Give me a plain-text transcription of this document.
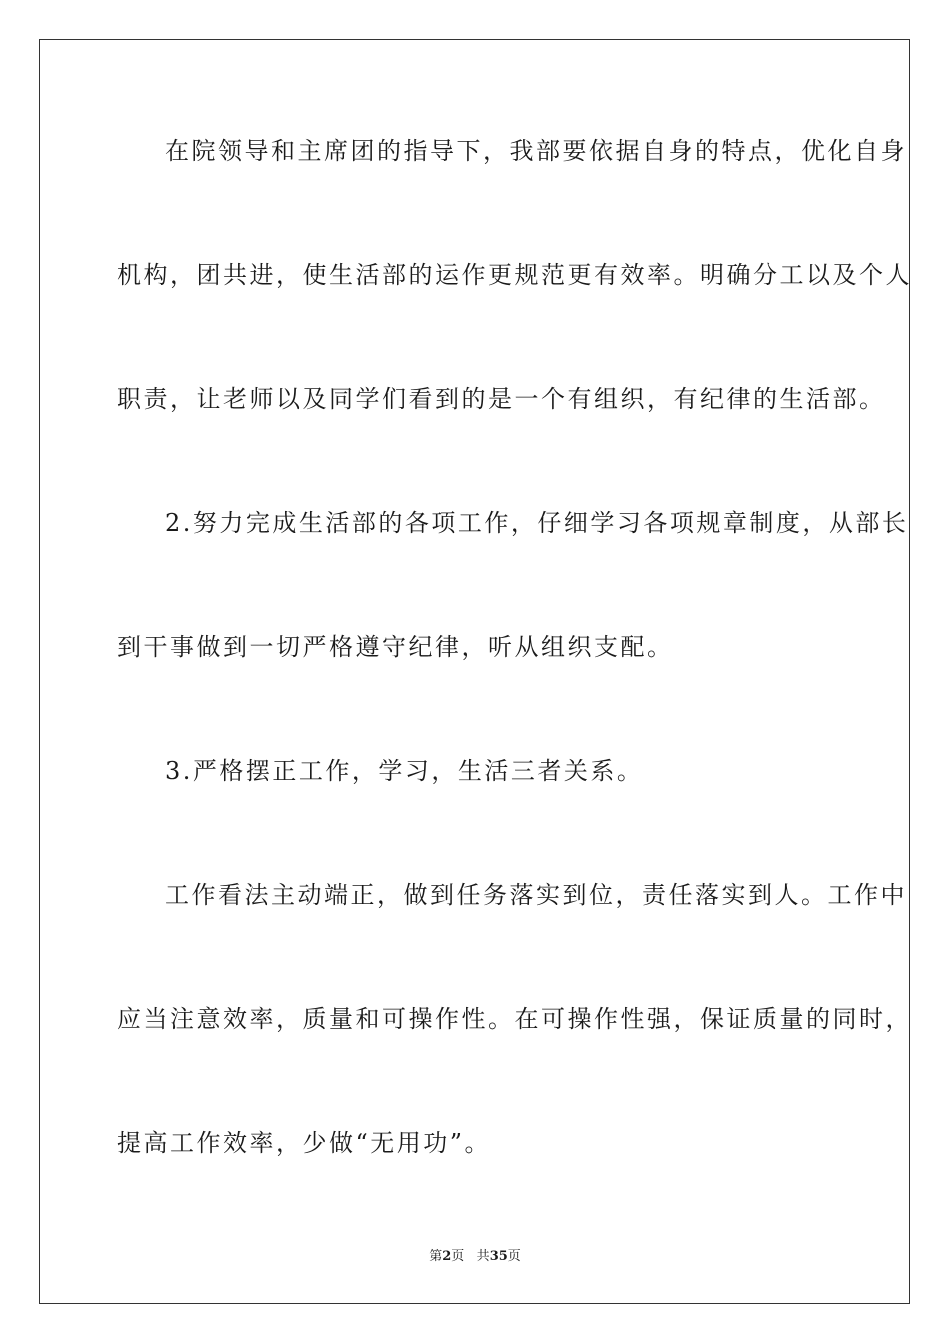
在院领导和主席团的指导下，我部要依据自身的特点，优化自身
机构，团共进，使生活部的运作更规范更有效率。明确分工以及个人
职责，让老师以及同学们看到的是一个有组织，有纪律的生活部。
2.努力完成生活部的各项工作，仔细学习各项规章制度，从部长
到干事做到一切严格遵守纪律，听从组织支配。
3.严格摆正工作，学习，生活三者关系。
工作看法主动端正，做到任务落实到位，责任落实到人。工作中
应当注意效率，质量和可操作性。在可操作性强，保证质量的同时，
提高工作效率，少做“无用功”。
第2页 共35页
